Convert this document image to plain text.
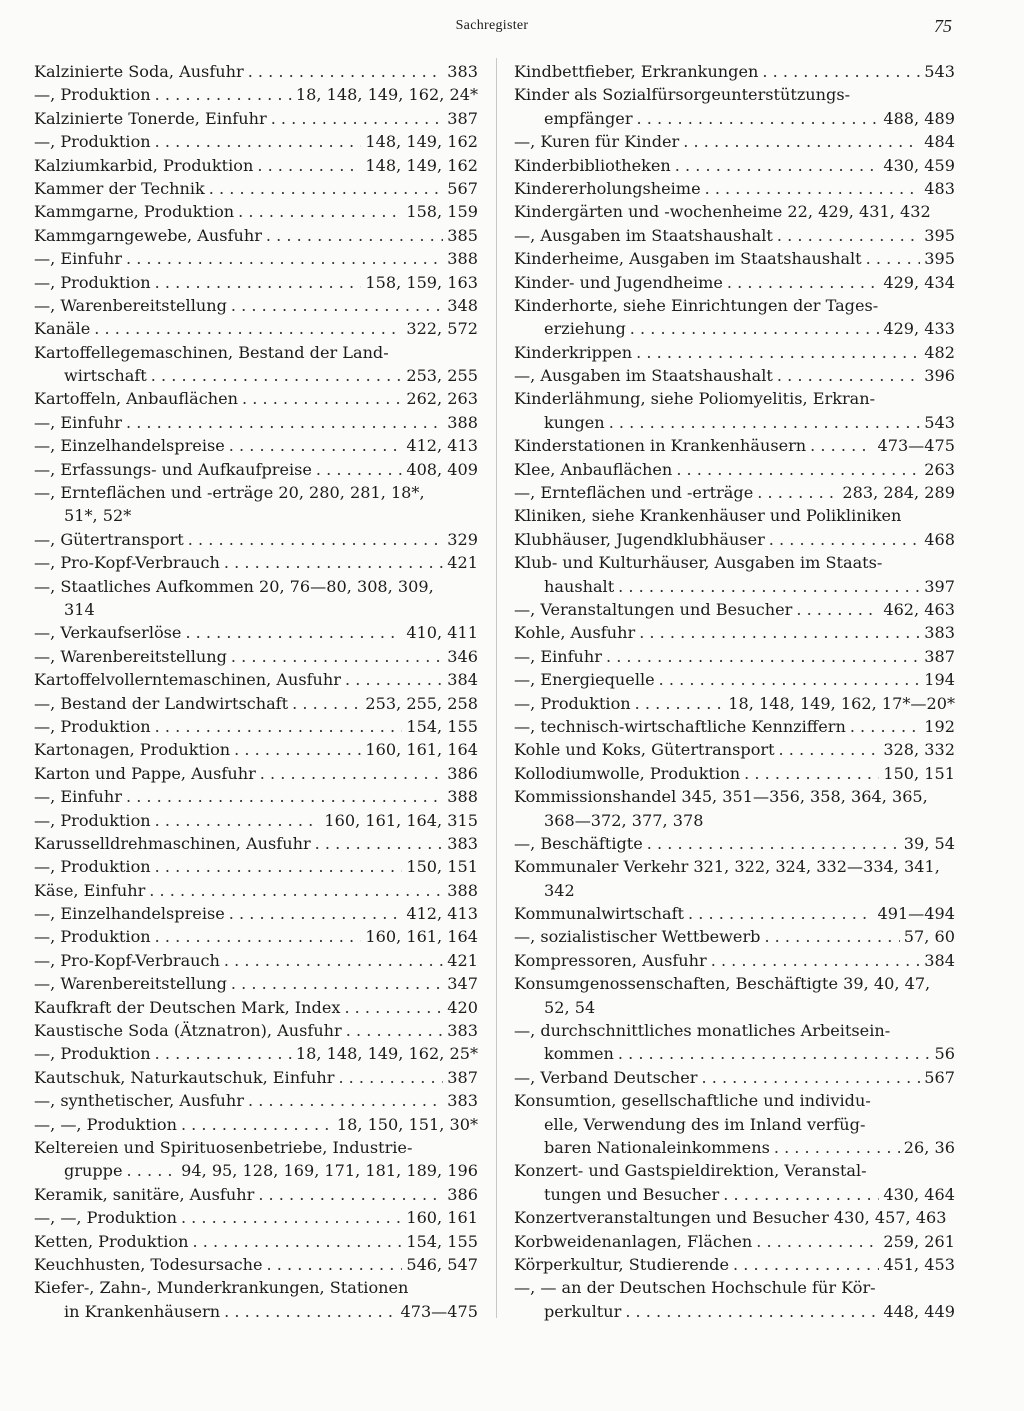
Sachregister	75
Kalzinierte Soda, Ausfuhr . . .	383
—, Produktion . . .	18, 148, 149, 162, 24*
Kalzinierte Tonerde, Einfuhr . . .	387
—, Produktion . . .	148, 149, 162
Kalziumkarbid, Produktion . . .	148, 149, 162
Kammer der Technik . . .	567
Kammgarne, Produktion . . .	158, 159
Kammgarngewebe, Ausfuhr . . .	385
—, Einfuhr . . .	388
—, Produktion . . .	158, 159, 163
—, Warenbereitstellung . . .	348
Kanäle . . .	322, 572
Kartoffellegemaschinen, Bestand der Land-
wirtschaft . . .	253, 255
Kartoffeln, Anbauflächen . . .	262, 263
—, Einfuhr . . .	388
—, Einzelhandelspreise . . .	412, 413
—, Erfassungs- und Aufkaufpreise . . .	408, 409
—, Ernteflächen und -erträge 20, 280, 281, 18*,
51*, 52*
—, Gütertransport . . .	329
—, Pro-Kopf-Verbrauch . . .	421
—, Staatliches Aufkommen 20, 76—80, 308, 309,
314
—, Verkaufserlöse . . .	410, 411
—, Warenbereitstellung . . .	346
Kartoffelvollerntemaschinen, Ausfuhr . . .	384
—, Bestand der Landwirtschaft . . .	253, 255, 258
—, Produktion . . .	154, 155
Kartonagen, Produktion . . .	160, 161, 164
Karton und Pappe, Ausfuhr . . .	386
—, Einfuhr . . .	388
—, Produktion . . .	160, 161, 164, 315
Karusselldrehmaschinen, Ausfuhr . . .	383
—, Produktion . . .	150, 151
Käse, Einfuhr . . .	388
—, Einzelhandelspreise . . .	412, 413
—, Produktion . . .	160, 161, 164
—, Pro-Kopf-Verbrauch . . .	421
—, Warenbereitstellung . . .	347
Kaufkraft der Deutschen Mark, Index . . .	420
Kaustische Soda (Ätznatron), Ausfuhr . . .	383
—, Produktion . . .	18, 148, 149, 162, 25*
Kautschuk, Naturkautschuk, Einfuhr . . .	387
—, synthetischer, Ausfuhr . . .	383
—, —, Produktion . . .	18, 150, 151, 30*
Keltereien und Spirituosenbetriebe, Industrie-
gruppe . . .	94, 95, 128, 169, 171, 181, 189, 196
Keramik, sanitäre, Ausfuhr . . .	386
—, —, Produktion . . .	160, 161
Ketten, Produktion . . .	154, 155
Keuchhusten, Todesursache . . .	546, 547
Kiefer-, Zahn-, Munderkrankungen, Stationen
in Krankenhäusern . . .	473—475
Kindbettfieber, Erkrankungen . . .	543
Kinder als Sozialfürsorgeunterstützungs-
empfänger . . .	488, 489
—, Kuren für Kinder . . .	484
Kinderbibliotheken . . .	430, 459
Kindererholungsheime . . .	483
Kindergärten und -wochenheime 22, 429, 431, 432
—, Ausgaben im Staatshaushalt . . .	395
Kinderheime, Ausgaben im Staatshaushalt . . .	395
Kinder- und Jugendheime . . .	429, 434
Kinderhorte, siehe Einrichtungen der Tages-
erziehung . . .	429, 433
Kinderkrippen . . .	482
—, Ausgaben im Staatshaushalt . . .	396
Kinderlähmung, siehe Poliomyelitis, Erkran-
kungen . . .	543
Kinderstationen in Krankenhäusern . . .	473—475
Klee, Anbauflächen . . .	263
—, Ernteflächen und -erträge . . .	283, 284, 289
Kliniken, siehe Krankenhäuser und Polikliniken
Klubhäuser, Jugendklubhäuser . . .	468
Klub- und Kulturhäuser, Ausgaben im Staats-
haushalt . . .	397
—, Veranstaltungen und Besucher . . .	462, 463
Kohle, Ausfuhr . . .	383
—, Einfuhr . . .	387
—, Energiequelle . . .	194
—, Produktion . . .	18, 148, 149, 162, 17*—20*
—, technisch-wirtschaftliche Kennziffern . . .	192
Kohle und Koks, Gütertransport . . .	328, 332
Kollodiumwolle, Produktion . . .	150, 151
Kommissionshandel 345, 351—356, 358, 364, 365,
368—372, 377, 378
—, Beschäftigte . . .	39, 54
Kommunaler Verkehr 321, 322, 324, 332—334, 341,
342
Kommunalwirtschaft . . .	491—494
—, sozialistischer Wettbewerb . . .	57, 60
Kompressoren, Ausfuhr . . .	384
Konsumgenossenschaften, Beschäftigte 39, 40, 47,
52, 54
—, durchschnittliches monatliches Arbeitsein-
kommen . . .	56
—, Verband Deutscher . . .	567
Konsumtion, gesellschaftliche und individu-
elle, Verwendung des im Inland verfüg-
baren Nationaleinkommens . . .	26, 36
Konzert- und Gastspieldirektion, Veranstal-
tungen und Besucher . . .	430, 464
Konzertveranstaltungen und Besucher 430, 457, 463
Korbweidenanlagen, Flächen . . .	259, 261
Körperkultur, Studierende . . .	451, 453
—, — an der Deutschen Hochschule für Kör-
perkultur . . .	448, 449
